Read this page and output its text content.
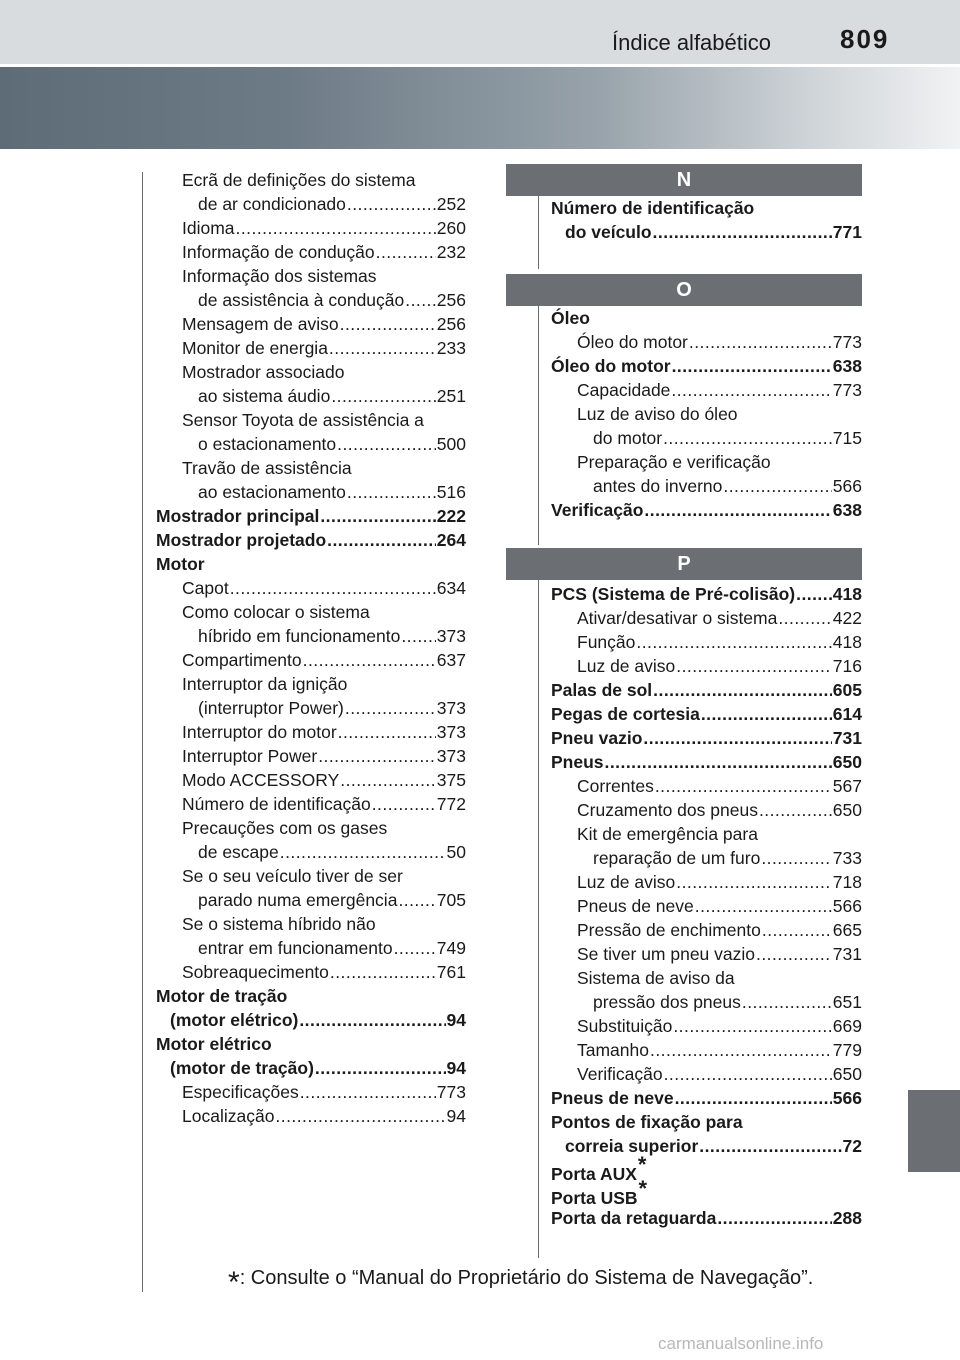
Índice alfabético	809
N
O
P
Ecrã de definições do sistema
de ar condicionado . . .	252
Idioma . . .	260
Informação de condução . . .	232
Informação dos sistemas
de assistência à condução . . . 256
Mensagem de aviso . . .	256
Monitor de energia . . .	233
Mostrador associado
ao sistema áudio . . .	251
Sensor Toyota de assistência a
o estacionamento . . .	500
Travão de assistência
ao estacionamento . . .	516
Mostrador principal . . .	222
Mostrador projetado . . .	264
Motor
Capot . . .	634
Como colocar o sistema
híbrido em funcionamento . . . 373
Compartimento . . .	637
Interruptor da ignição
(interruptor Power) . . .	373
Interruptor do motor . . .	373
Interruptor Power . . .	373
Modo ACCESSORY . . .	375
Número de identificação . . .	772
Precauções com os gases
de escape . . .	50
Se o seu veículo tiver de ser
parado numa emergência . . . 705
Se o sistema híbrido não
entrar em funcionamento . . .	749
Sobreaquecimento . . .	761
Motor de tração
(motor elétrico) . . .	94
Motor elétrico
(motor de tração) . . .	94
Especificações . . .	773
Localização . . .	94
Número de identificação
do veículo . . .	771
Óleo
Óleo do motor . . .	773
Óleo do motor . . .	638
Capacidade . . .	773
Luz de aviso do óleo
do motor . . .	715
Preparação e verificação
antes do inverno . . .	566
Verificação . . .	638
PCS (Sistema de Pré-colisão) . . . 418
Ativar/desativar o sistema . . .	422
Função . . .	418
Luz de aviso . . .	716
Palas de sol . . .	605
Pegas de cortesia . . .	614
Pneu vazio . . .	731
Pneus . . .	650
Correntes . . .	567
Cruzamento dos pneus . . .	650
Kit de emergência para
reparação de um furo . . .	733
Luz de aviso . . .	718
Pneus de neve . . .	566
Pressão de enchimento . . .	665
Se tiver um pneu vazio . . .	731
Sistema de aviso da
pressão dos pneus . . .	651
Substituição . . .	669
Tamanho . . .	779
Verificação . . .	650
Pneus de neve . . .	566
Pontos de fixação para
correia superior . . .	72
Porta AUX *
Porta USB *
Porta da retaguarda . . .	288
*: Consulte o “Manual do Proprietário do Sistema de Navegação”.
carmanualsonline.info
